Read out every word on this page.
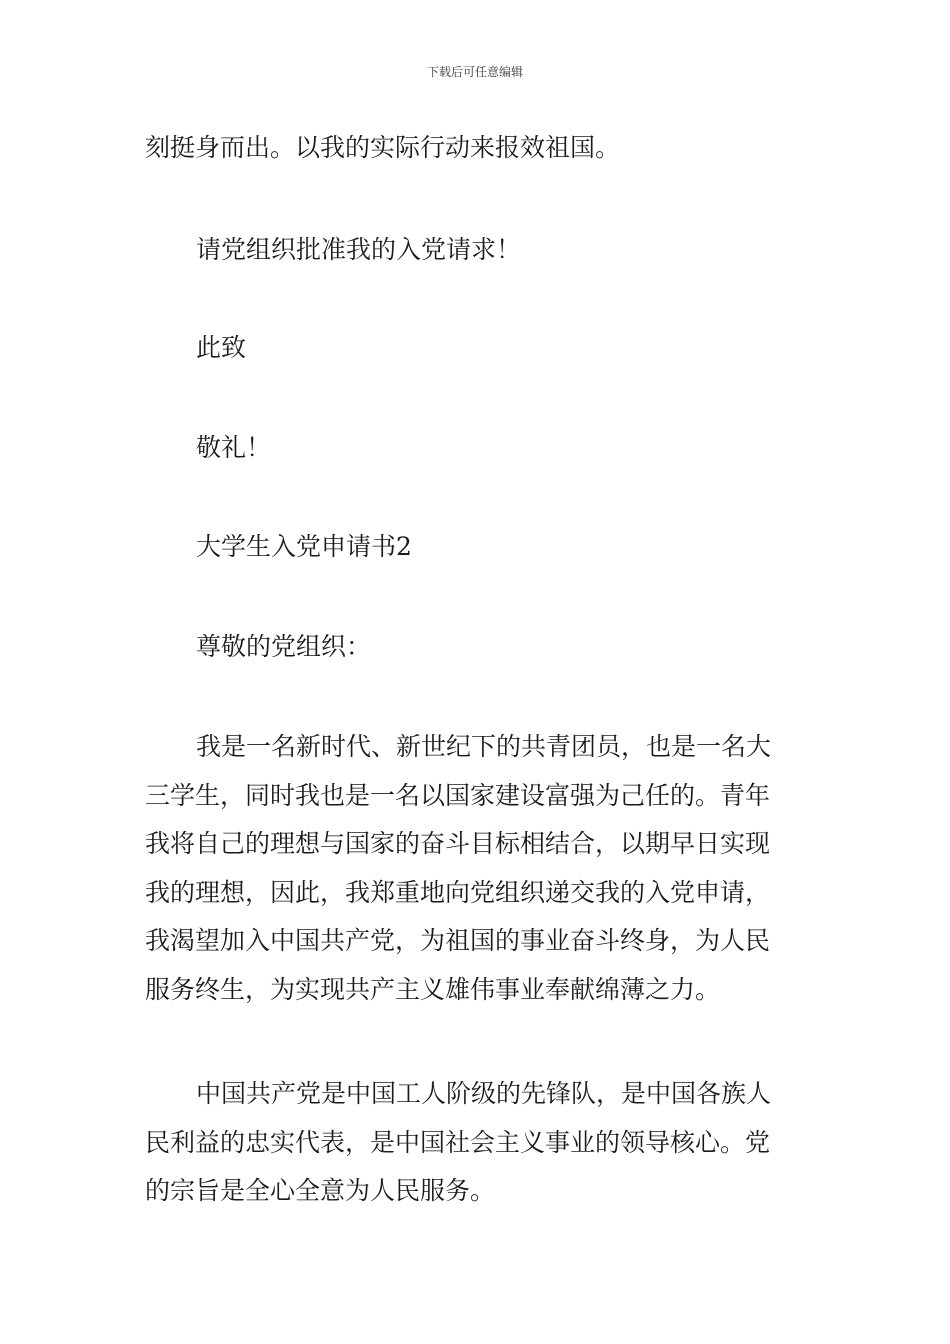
下载后可任意编辑

刻挺身而出。以我的实际行动来报效祖国。

请党组织批准我的入党请求！

此致

敬礼！

大学生入党申请书2

尊敬的党组织：

我是一名新时代、新世纪下的共青团员，也是一名大
三学生，同时我也是一名以国家建设富强为己任的。青年
我将自己的理想与国家的奋斗目标相结合，以期早日实现
我的理想，因此，我郑重地向党组织递交我的入党申请，
我渴望加入中国共产党，为祖国的事业奋斗终身，为人民
服务终生，为实现共产主义雄伟事业奉献绵薄之力。
中国共产党是中国工人阶级的先锋队，是中国各族人
民利益的忠实代表，是中国社会主义事业的领导核心。党
的宗旨是全心全意为人民服务。
